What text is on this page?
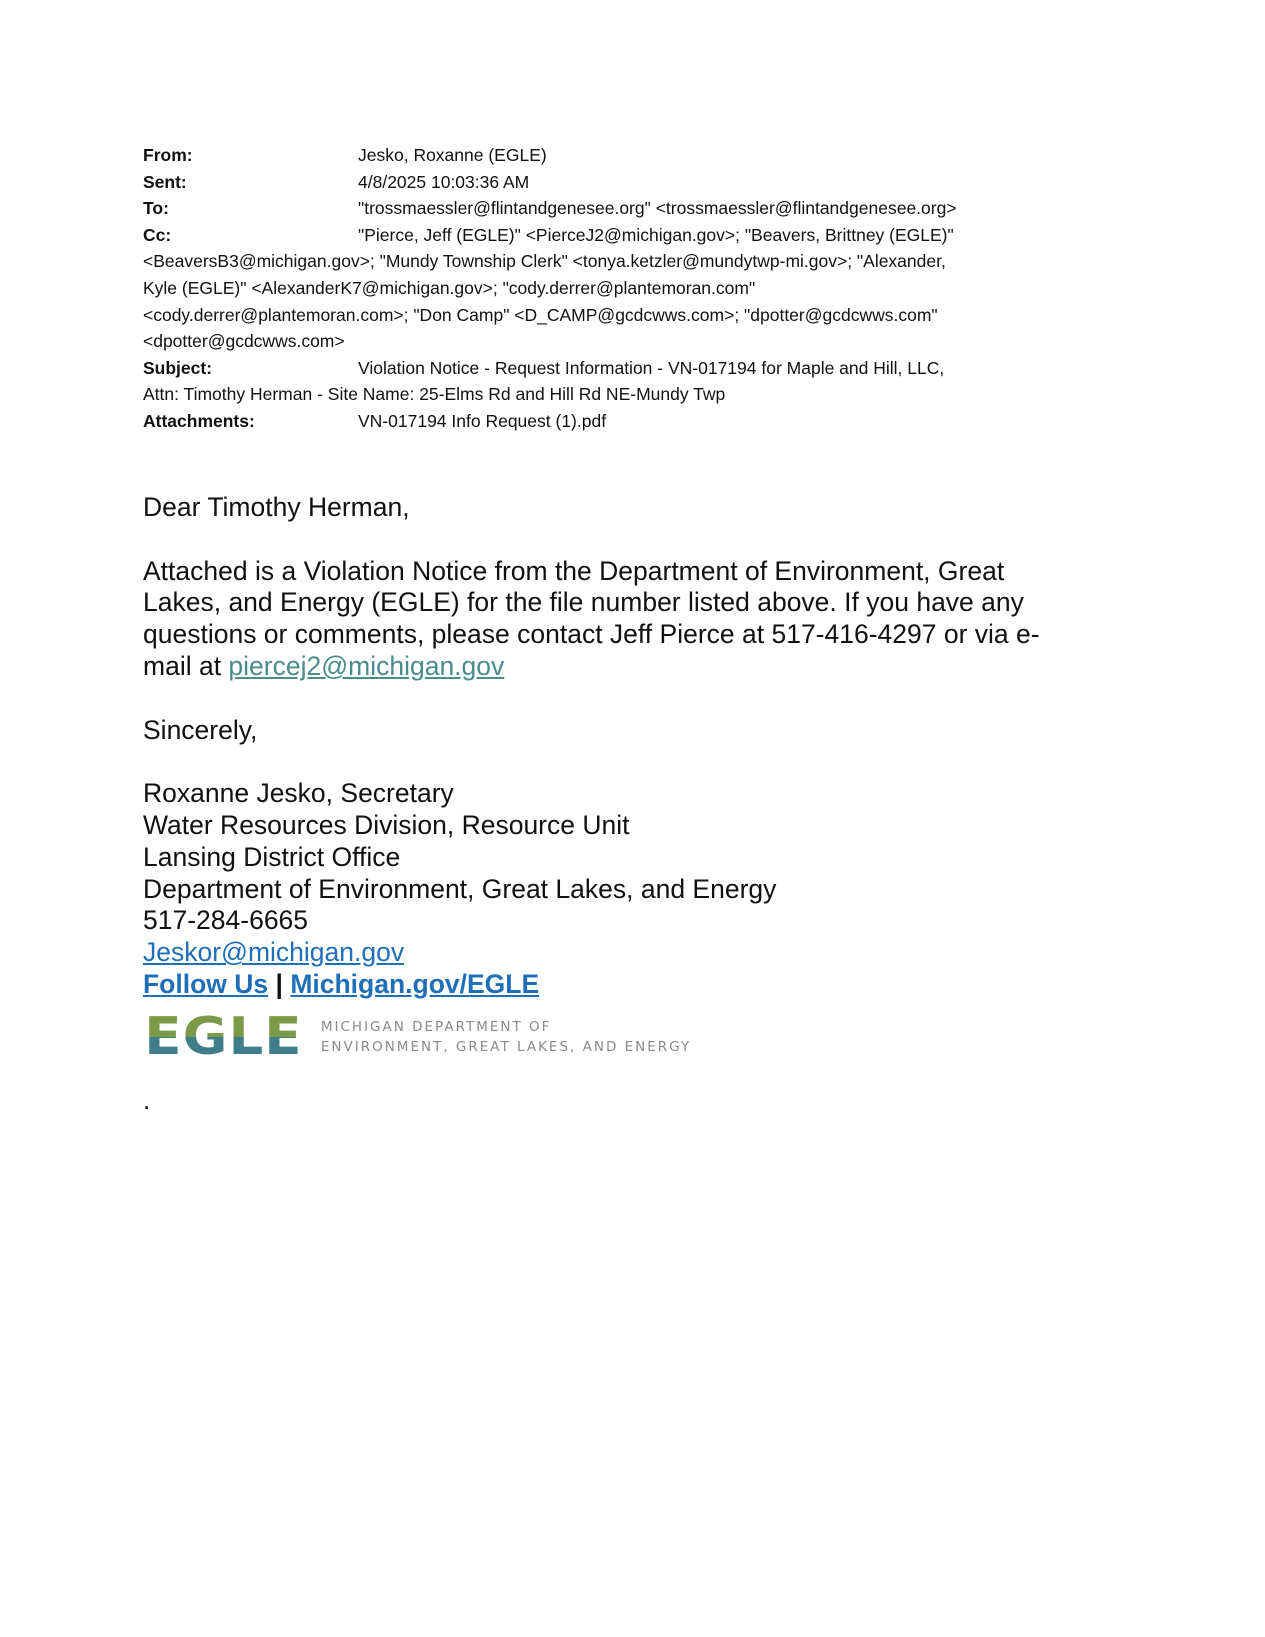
From:	Jesko, Roxanne (EGLE)
Sent:	4/8/2025 10:03:36 AM
To:	"trossmaessler@flintandgenesee.org" <trossmaessler@flintandgenesee.org>
Cc:	"Pierce, Jeff (EGLE)" <PierceJ2@michigan.gov>; "Beavers, Brittney (EGLE)"
<BeaversB3@michigan.gov>; "Mundy Township Clerk" <tonya.ketzler@mundytwp-mi.gov>; "Alexander,
Kyle (EGLE)" <AlexanderK7@michigan.gov>; "cody.derrer@plantemoran.com"
<cody.derrer@plantemoran.com>; "Don Camp" <D_CAMP@gcdcwws.com>; "dpotter@gcdcwws.com"
<dpotter@gcdcwws.com>
Subject:	Violation Notice - Request Information - VN-017194 for Maple and Hill, LLC,
Attn: Timothy Herman - Site Name: 25-Elms Rd and Hill Rd NE-Mundy Twp
Attachments:	VN-017194 Info Request (1).pdf

Dear Timothy Herman,

Attached is a Violation Notice from the Department of Environment, Great Lakes, and Energy (EGLE) for the file number listed above. If you have any questions or comments, please contact Jeff Pierce at 517-416-4297 or via e-mail at piercej2@michigan.gov

Sincerely,

Roxanne Jesko, Secretary
Water Resources Division, Resource Unit
Lansing District Office
Department of Environment, Great Lakes, and Energy
517-284-6665
Jeskor@michigan.gov
Follow Us | Michigan.gov/EGLE
EGLE MICHIGAN DEPARTMENT OF
ENVIRONMENT, GREAT LAKES, AND ENERGY
.
